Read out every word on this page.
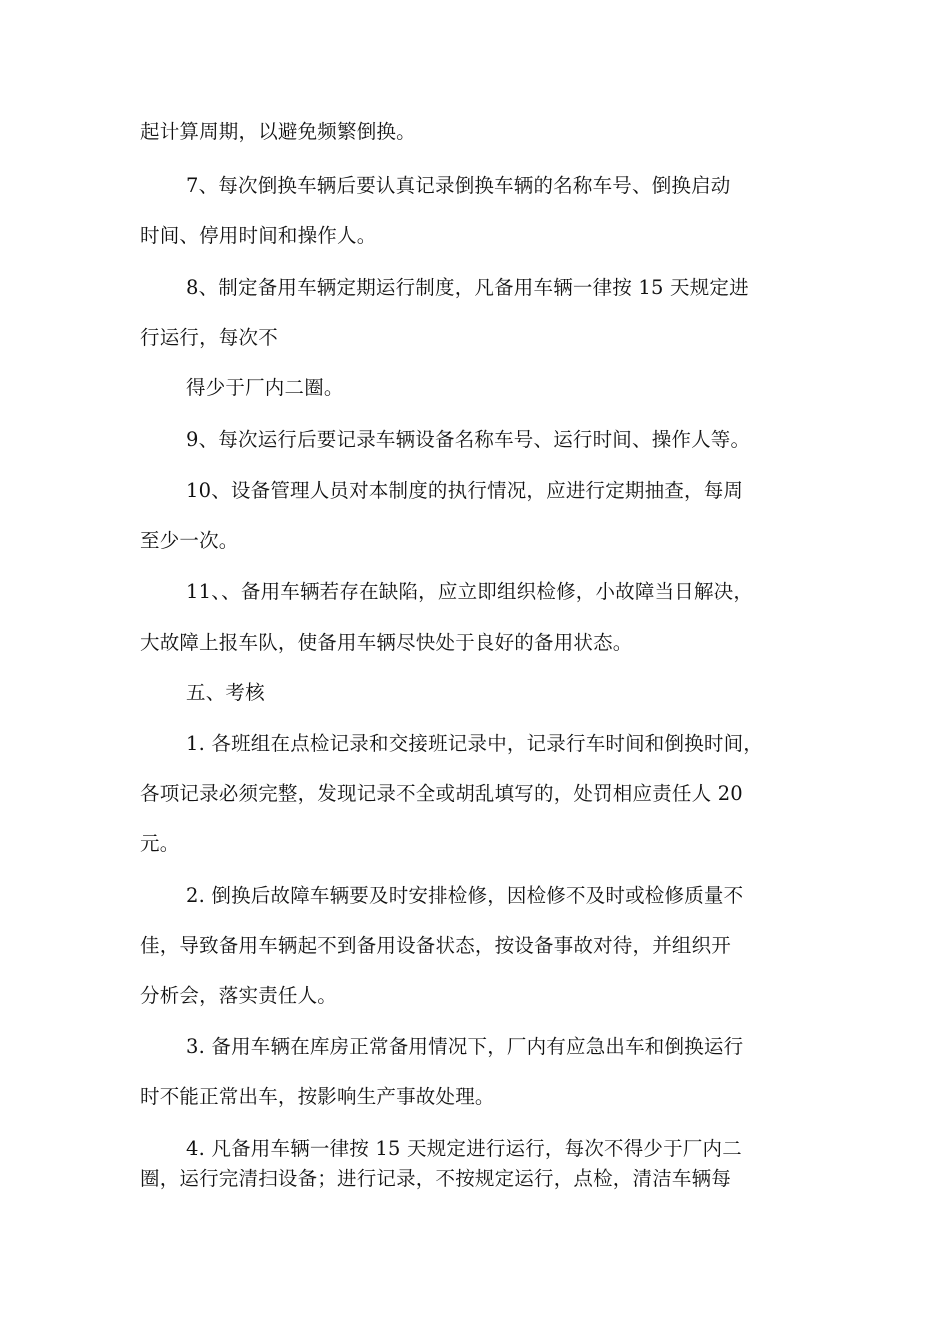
起计算周期，以避免频繁倒换。
7、每次倒换车辆后要认真记录倒换车辆的名称车号、倒换启动
时间、停用时间和操作人。
8、制定备用车辆定期运行制度，凡备用车辆一律按 15 天规定进
行运行，每次不
得少于厂内二圈。
9、每次运行后要记录车辆设备名称车号、运行时间、操作人等。
10、设备管理人员对本制度的执行情况，应进行定期抽查，每周
至少一次。
11、、备用车辆若存在缺陷，应立即组织检修，小故障当日解决，
大故障上报车队，使备用车辆尽快处于良好的备用状态。
五、考核
1. 各班组在点检记录和交接班记录中，记录行车时间和倒换时间，
各项记录必须完整，发现记录不全或胡乱填写的，处罚相应责任人 20
元。
2. 倒换后故障车辆要及时安排检修，因检修不及时或检修质量不
佳，导致备用车辆起不到备用设备状态，按设备事故对待，并组织开
分析会，落实责任人。
3. 备用车辆在库房正常备用情况下，厂内有应急出车和倒换运行
时不能正常出车，按影响生产事故处理。
4. 凡备用车辆一律按 15 天规定进行运行，每次不得少于厂内二
圈，运行完清扫设备；进行记录，不按规定运行，点检，清洁车辆每
